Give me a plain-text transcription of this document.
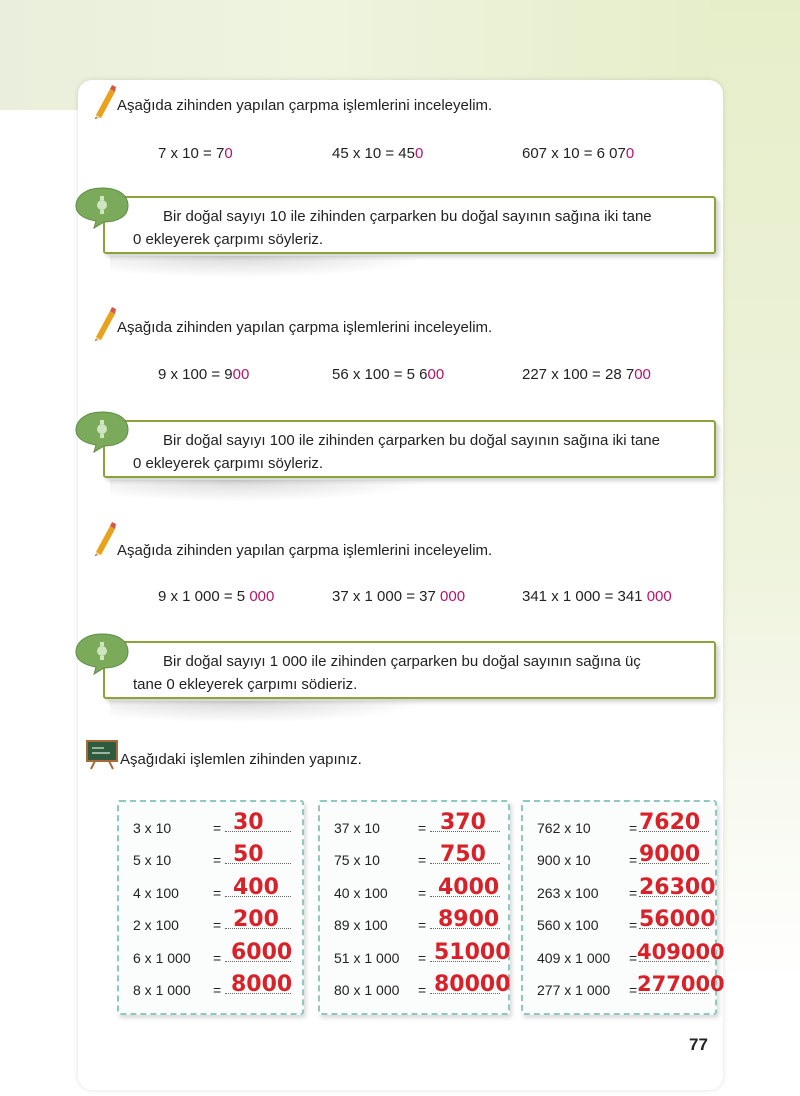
Aşağıda zihinden yapılan çarpma işlemlerini inceleyelim.
7 x 10 = 70	45 x 10 = 450	607 x 10 = 6 070
Bir doğal sayıyı 10 ile zihinden çarparken bu doğal sayının sağına iki tane
0 ekleyerek çarpımı söyleriz.
Aşağıda zihinden yapılan çarpma işlemlerini inceleyelim.
9 x 100 = 900	56 x 100 = 5 600	227 x 100 = 28 700
Bir doğal sayıyı 100 ile zihinden çarparken bu doğal sayının sağına iki tane
0 ekleyerek çarpımı söyleriz.
Aşağıda zihinden yapılan çarpma işlemlerini inceleyelim.
9 x 1 000 = 5 000	37 x 1 000 = 37 000	341 x 1 000 = 341 000
Bir doğal sayıyı 1 000 ile zihinden çarparken bu doğal sayının sağına üç
tane 0 ekleyerek çarpımı södieriz.
Aşağıdaki işlemlen zihinden yapınız.
3 x 10	= 30
5 x 10	= 50
4 x 100 = 400
2 x 100 = 200
6 x 1 000 = 6000
8 x 1 000 = 8000
37 x 10	= 370
75 x 10	= 750
40 x 100 = 4000
89 x 100 = 8900
51 x 1 000 = 51000
80 x 1 000 = 80000
762 x 10	= 7620
900 x 10	= 9000
263 x 100 = 26300
560 x 100 = 56000
409 x 1 000 = 409000
277 x 1 000 = 277000
77
